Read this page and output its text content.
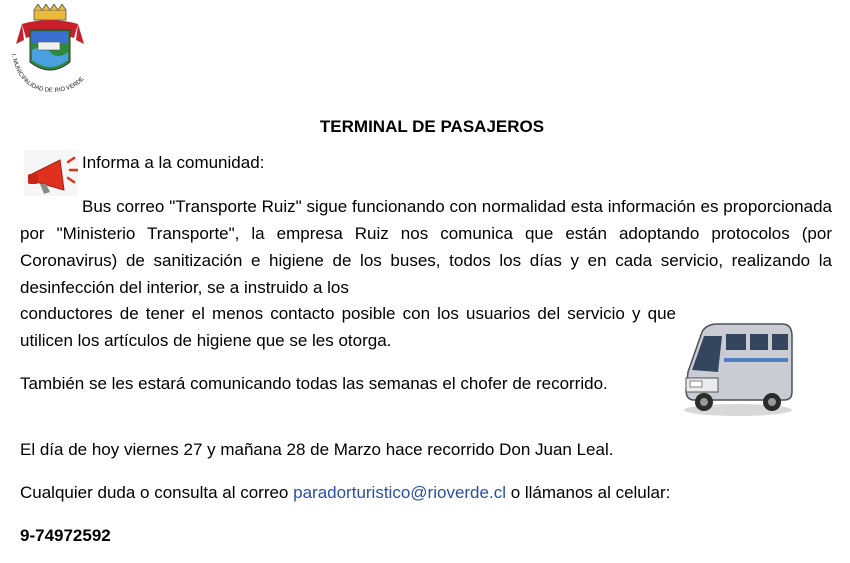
I. MUNICIPALIDAD DE RIO VERDE
TERMINAL DE PASAJEROS
Informa a la comunidad:
Bus correo "Transporte Ruiz" sigue funcionando con normalidad esta información es proporcionada por "Ministerio Transporte", la empresa Ruiz nos comunica que están adoptando protocolos (por Coronavirus) de sanitización e higiene de los buses, todos los días y en cada servicio, realizando la desinfección del interior, se a instruido a los
conductores de tener el menos contacto posible con los usuarios del servicio y que utilicen los artículos de higiene que se les otorga.
También se les estará comunicando todas las semanas el chofer de recorrido.
El día de hoy viernes 27 y mañana 28 de Marzo hace recorrido Don Juan Leal.
Cualquier duda o consulta al correo paradorturistico@rioverde.cl o llámanos al celular:
9-74972592
